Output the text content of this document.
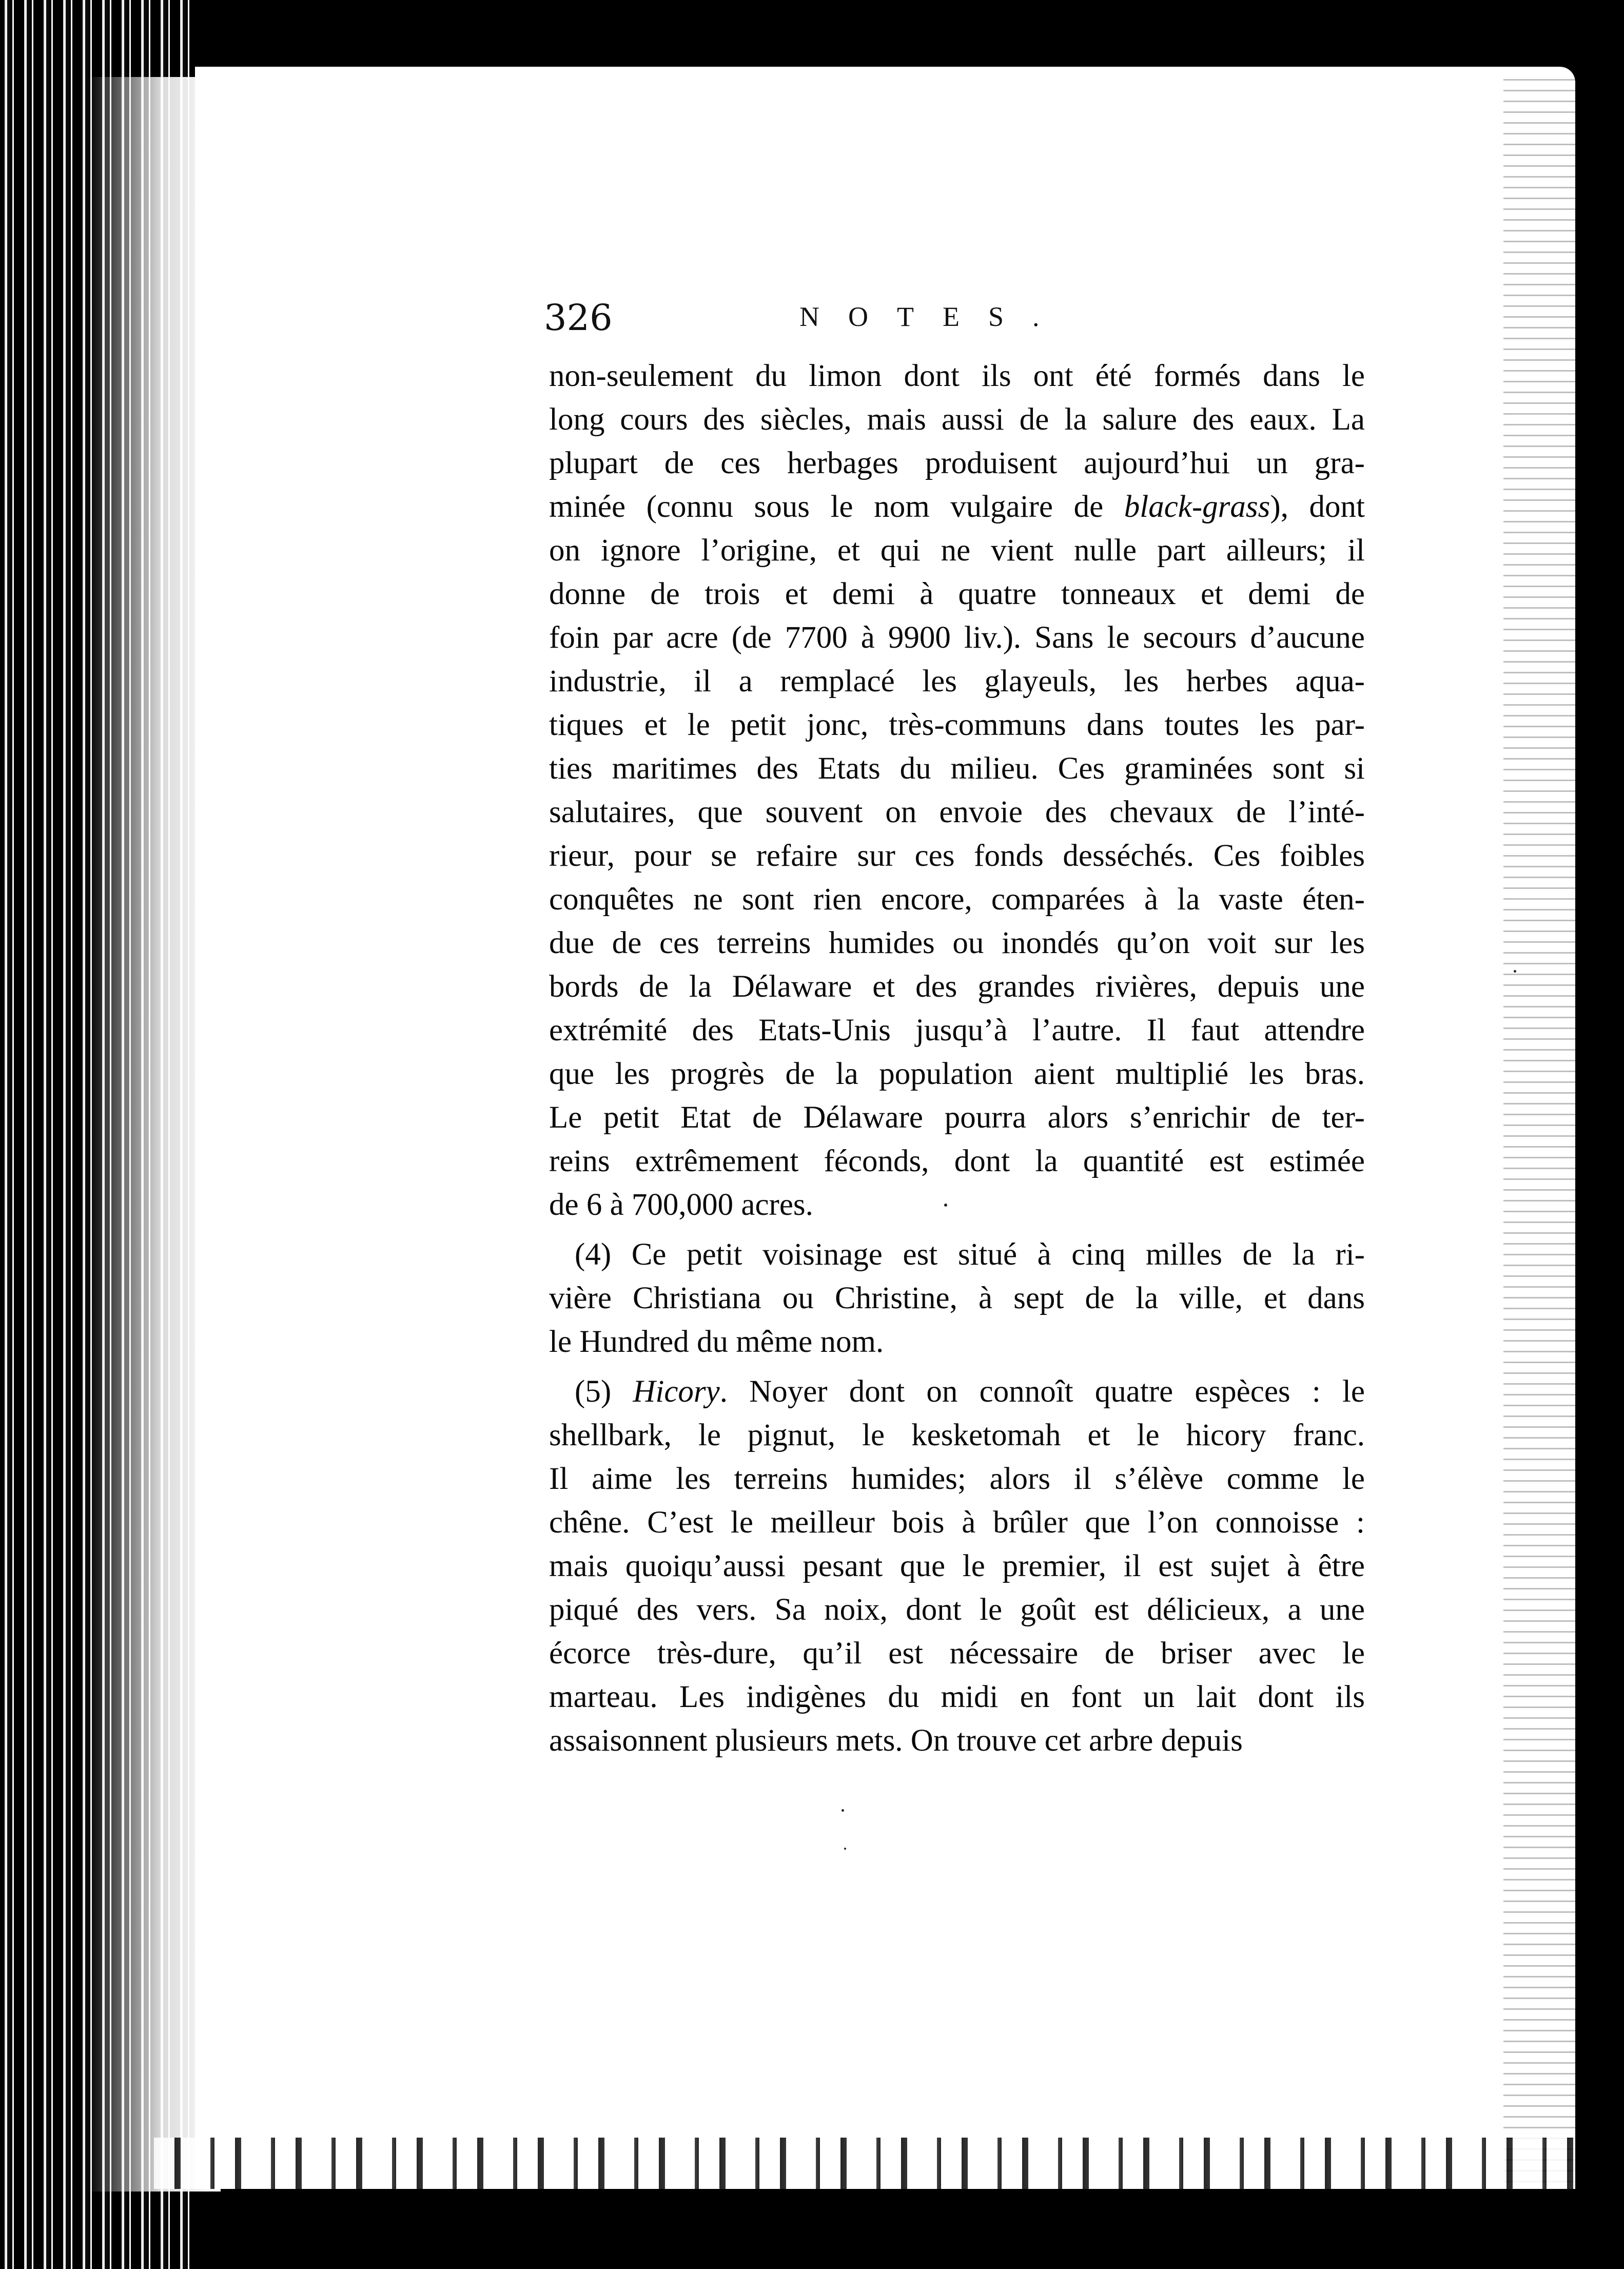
326	NOTES.
non-seulement du limon dont ils ont été formés dans le
long cours des siècles, mais aussi de la salure des eaux. La
plupart de ces herbages produisent aujourd’hui un gra-
minée (connu sous le nom vulgaire de black-grass), dont
on ignore l’origine, et qui ne vient nulle part ailleurs; il
donne de trois et demi à quatre tonneaux et demi de
foin par acre (de 7700 à 9900 liv.). Sans le secours d’aucune
industrie, il a remplacé les glayeuls, les herbes aqua-
tiques et le petit jonc, très-communs dans toutes les par-
ties maritimes des Etats du milieu. Ces graminées sont si
salutaires, que souvent on envoie des chevaux de l’inté-
rieur, pour se refaire sur ces fonds desséchés. Ces foibles
conquêtes ne sont rien encore, comparées à la vaste éten-
due de ces terreins humides ou inondés qu’on voit sur les
bords de la Délaware et des grandes rivières, depuis une
extrémité des Etats-Unis jusqu’à l’autre. Il faut attendre
que les progrès de la population aient multiplié les bras.
Le petit Etat de Délaware pourra alors s’enrichir de ter-
reins extrêmement féconds, dont la quantité est estimée
de 6 à 700,000 acres.
(4) Ce petit voisinage est situé à cinq milles de la ri-
vière Christiana ou Christine, à sept de la ville, et dans
le Hundred du même nom.
(5) Hicory. Noyer dont on connoît quatre espèces : le
shellbark, le pignut, le kesketomah et le hicory franc.
Il aime les terreins humides; alors il s’élève comme le
chêne. C’est le meilleur bois à brûler que l’on connoisse :
mais quoiqu’aussi pesant que le premier, il est sujet à être
piqué des vers. Sa noix, dont le goût est délicieux, a une
écorce très-dure, qu’il est nécessaire de briser avec le
marteau. Les indigènes du midi en font un lait dont ils
assaisonnent plusieurs mets. On trouve cet arbre depuis
